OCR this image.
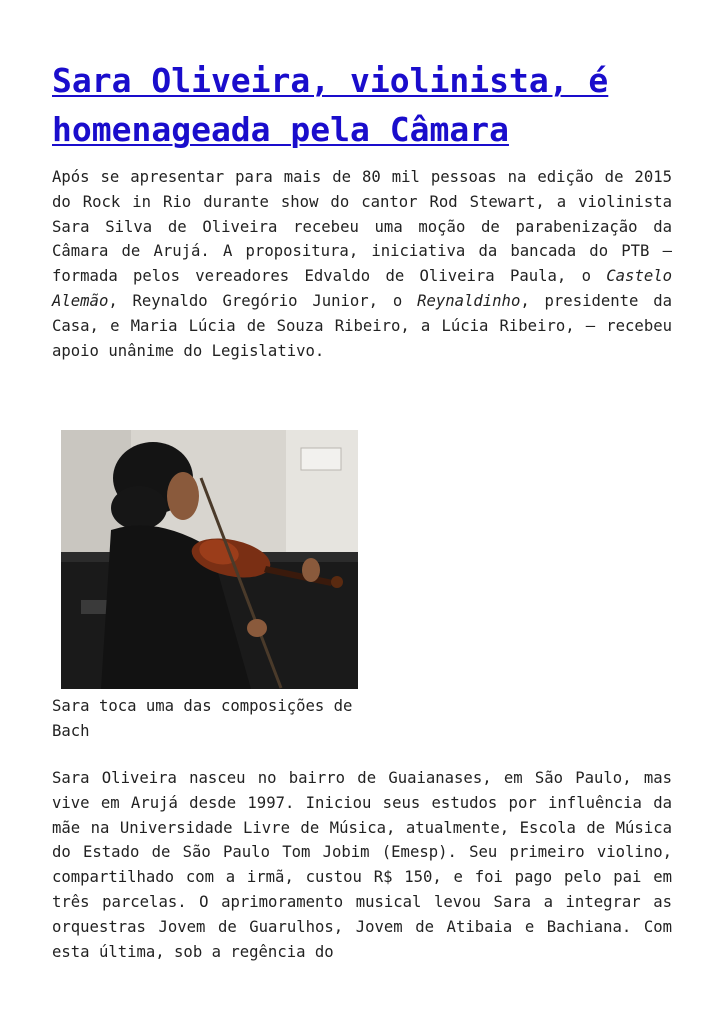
Sara Oliveira, violinista, é homenageada pela Câmara

Após se apresentar para mais de 80 mil pessoas na edição de 2015 do Rock in Rio durante show do cantor Rod Stewart, a violinista Sara Silva de Oliveira recebeu uma moção de parabenização da Câmara de Arujá. A propositura, iniciativa da bancada do PTB – formada pelos vereadores Edvaldo de Oliveira Paula, o Castelo Alemão, Reynaldo Gregório Junior, o Reynaldinho, presidente da Casa, e Maria Lúcia de Souza Ribeiro, a Lúcia Ribeiro, – recebeu apoio unânime do Legislativo.

Sara toca uma das composições de Bach

Sara Oliveira nasceu no bairro de Guaianases, em São Paulo, mas vive em Arujá desde 1997. Iniciou seus estudos por influência da mãe na Universidade Livre de Música, atualmente, Escola de Música do Estado de São Paulo Tom Jobim (Emesp). Seu primeiro violino, compartilhado com a irmã, custou R$ 150, e foi pago pelo pai em três parcelas. O aprimoramento musical levou Sara a integrar as orquestras Jovem de Guarulhos, Jovem de Atibaia e Bachiana. Com esta última, sob a regência do
